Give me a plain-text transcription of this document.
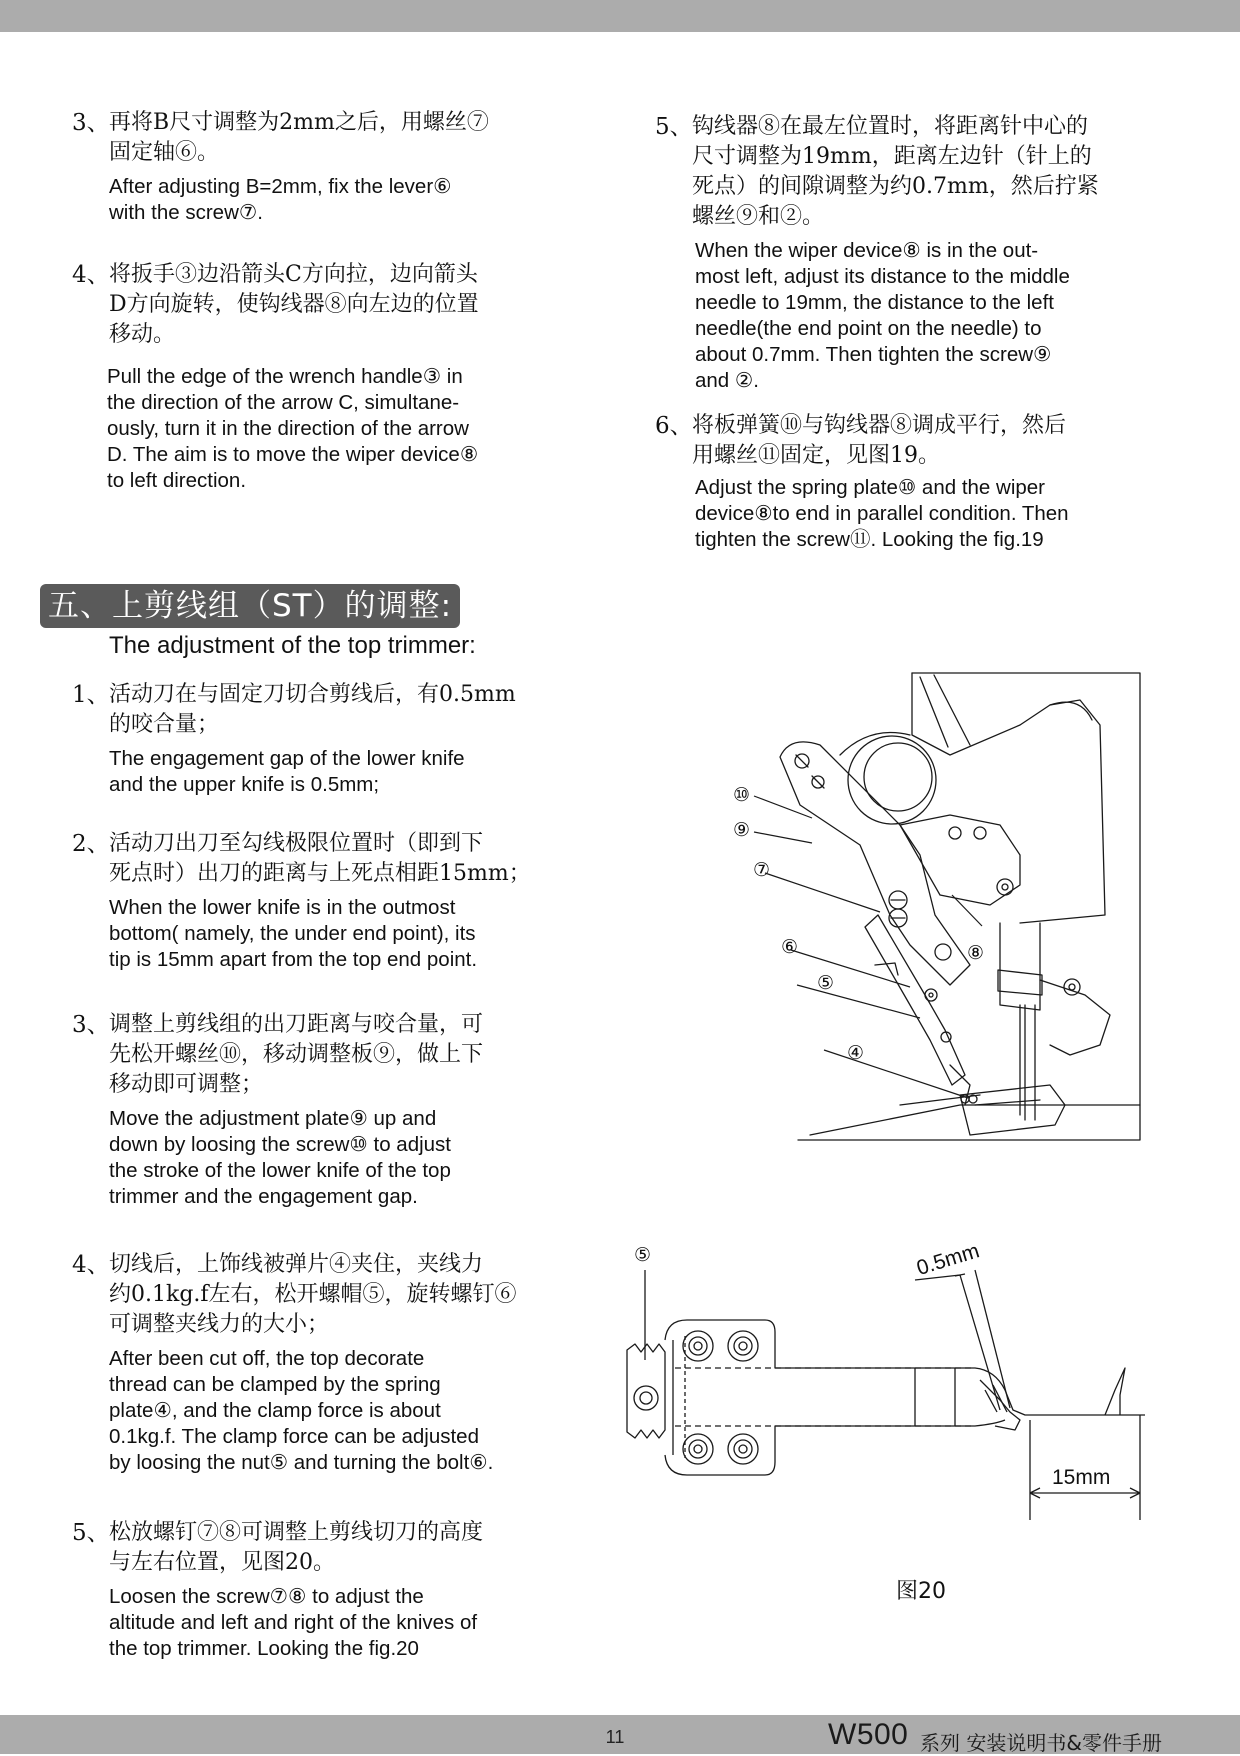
3、 再将B尺寸调整为2mm之后，用螺丝⑦
固定轴⑥。
After adjusting B=2mm, fix the lever⑥
with the screw⑦.
4、 将扳手③边沿箭头C方向拉，边向箭头
D方向旋转，使钩线器⑧向左边的位置
移动。
Pull the edge of the wrench handle③ in
the direction of the arrow C, simultane-
ously, turn it in the direction of the arrow
D. The aim is to move the wiper device⑧
to left direction.
5、 钩线器⑧在最左位置时，将距离针中心的
尺寸调整为19mm，距离左边针（针上的
死点）的间隙调整为约0.7mm，然后拧紧
螺丝⑨和②。
When the wiper device⑧ is in the out-
most left, adjust its distance to the middle
needle to 19mm, the distance to the left
needle(the end point on the needle) to
about 0.7mm. Then tighten the screw⑨
and ②.
6、 将板弹簧⑩与钩线器⑧调成平行，然后
用螺丝⑪固定，见图19。
Adjust the spring plate⑩ and the wiper
device⑧to end in parallel condition. Then
tighten the screw⑪. Looking the fig.19
五、上剪线组（ST）的调整:
The adjustment of the top trimmer:
1、 活动刀在与固定刀切合剪线后，有0.5mm
的咬合量；
The engagement gap of the lower knife
and the upper knife is 0.5mm;
2、 活动刀出刀至勾线极限位置时（即到下
死点时）出刀的距离与上死点相距15mm；
When the lower knife is in the outmost
bottom( namely, the under end point), its
tip is 15mm apart from the top end point.
3、 调整上剪线组的出刀距离与咬合量，可
先松开螺丝⑩，移动调整板⑨，做上下
移动即可调整；
Move the adjustment plate⑨ up and
down by loosing the screw⑩ to adjust
the stroke of the lower knife of the top
trimmer and the engagement gap.
4、 切线后，上饰线被弹片④夹住，夹线力
约0.1kg.f左右，松开螺帽⑤，旋转螺钉⑥
可调整夹线力的大小；
After been cut off, the top decorate
thread can be clamped by the spring
plate④, and the clamp force is about
0.1kg.f. The clamp force can be adjusted
by loosing the nut⑤ and turning the bolt⑥.
5、 松放螺钉⑦⑧可调整上剪线切刀的高度
与左右位置，见图20。
Loosen the screw⑦⑧ to adjust the
altitude and left and right of the knives of
the top trimmer. Looking the fig.20
⑩
⑨
⑦
⑥
⑤
④
⑧
⑤	0.5mm
15mm
图20
11	W500 系列 安装说明书&零件手册
